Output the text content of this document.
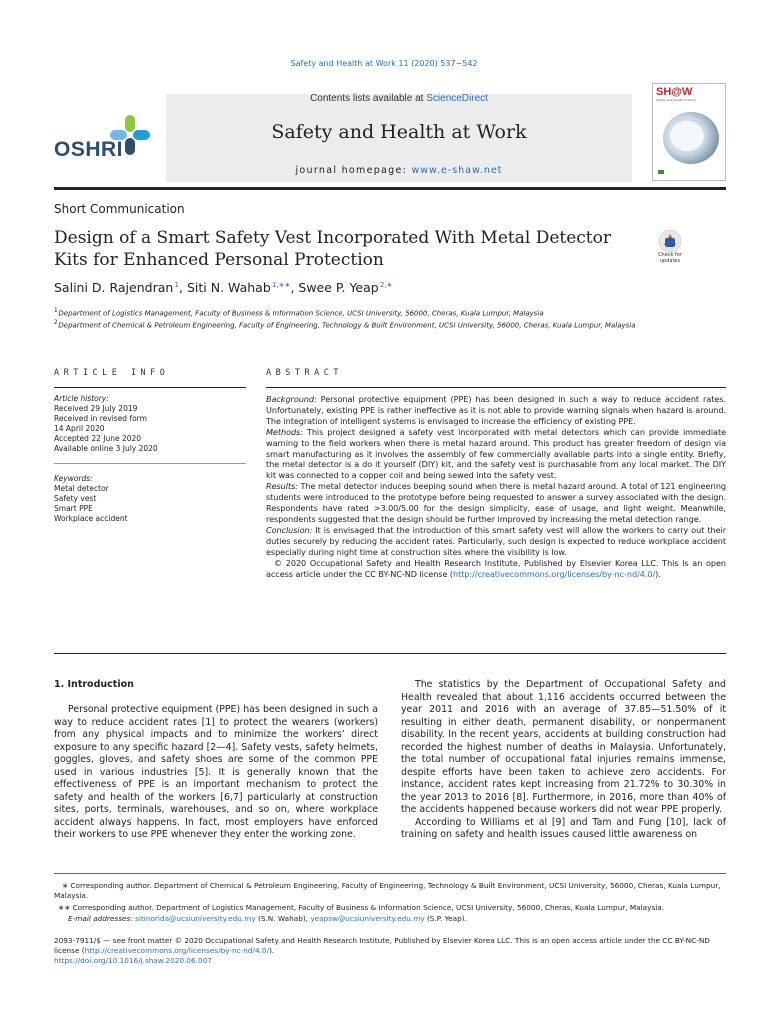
Safety and Health at Work 11 (2020) 537−542
OSHRI
Contents lists available at ScienceDirect
Safety and Health at Work
journal homepage: www.e-shaw.net
SH@W
Safety and Health at Work
Short Communication
Design of a Smart Safety Vest Incorporated With Metal Detector Kits for Enhanced Personal Protection	Check for updates
Salini D. Rajendran $^1$, Siti N. Wahab $^{1,∗∗}$, Swee P. Yeap $^{2,∗}$
$^1$ Department of Logistics Management, Faculty of Business & Information Science, UCSI University, 56000, Cheras, Kuala Lumpur, Malaysia
$^2$ Department of Chemical & Petroleum Engineering, Faculty of Engineering, Technology & Built Environment, UCSI University, 56000, Cheras, Kuala Lumpur, Malaysia
ARTICLE INFO	ABSTRACT
Article history:
Received 29 July 2019
Received in revised form
14 April 2020
Accepted 22 June 2020
Available online 3 July 2020
Keywords:
Metal detector
Safety vest
Smart PPE
Workplace accident
Background: Personal protective equipment (PPE) has been designed in such a way to reduce accident rates. Unfortunately, existing PPE is rather ineffective as it is not able to provide warning signals when hazard is around. The integration of intelligent systems is envisaged to increase the efficiency of existing PPE.
Methods: This project designed a safety vest incorporated with metal detectors which can provide immediate warning to the field workers when there is metal hazard around. This product has greater freedom of design via smart manufacturing as it involves the assembly of few commercially available parts into a single entity. Briefly, the metal detector is a do it yourself (DIY) kit, and the safety vest is purchasable from any local market. The DIY kit was connected to a copper coil and being sewed into the safety vest.
Results: The metal detector induces beeping sound when there is metal hazard around. A total of 121 engineering students were introduced to the prototype before being requested to answer a survey associated with the design. Respondents have rated >3.00/5.00 for the design simplicity, ease of usage, and light weight. Meanwhile, respondents suggested that the design should be further improved by increasing the metal detection range.
Conclusion: It is envisaged that the introduction of this smart safety vest will allow the workers to carry out their duties securely by reducing the accident rates. Particularly, such design is expected to reduce workplace accident especially during night time at construction sites where the visibility is low.
© 2020 Occupational Safety and Health Research Institute, Published by Elsevier Korea LLC. This is an open access article under the CC BY-NC-ND license (http://creativecommons.org/licenses/by-nc-nd/4.0/).
1. Introduction

Personal protective equipment (PPE) has been designed in such a way to reduce accident rates [1] to protect the wearers (workers) from any physical impacts and to minimize the workers’ direct exposure to any specific hazard [2—4]. Safety vests, safety helmets, goggles, gloves, and safety shoes are some of the common PPE used in various industries [5]. It is generally known that the effectiveness of PPE is an important mechanism to protect the safety and health of the workers [6,7] particularly at construction sites, ports, terminals, warehouses, and so on, where workplace accident always happens. In fact, most employers have enforced their workers to use PPE whenever they enter the working zone.

The statistics by the Department of Occupational Safety and Health revealed that about 1,116 accidents occurred between the year 2011 and 2016 with an average of 37.85—51.50% of it resulting in either death, permanent disability, or nonpermanent disability. In the recent years, accidents at building construction had recorded the highest number of deaths in Malaysia. Unfortunately, the total number of occupational fatal injuries remains immense, despite efforts have been taken to achieve zero accidents. For instance, accident rates kept increasing from 21.72% to 30.30% in the year 2013 to 2016 [8]. Furthermore, in 2016, more than 40% of the accidents happened because workers did not wear PPE properly.

According to Williams et al [9] and Tam and Fung [10], lack of training on safety and health issues caused little awareness on

∗ Corresponding author. Department of Chemical & Petroleum Engineering, Faculty of Engineering, Technology & Built Environment, UCSI University, 56000, Cheras, Kuala Lumpur, Malaysia.
∗∗ Corresponding author. Department of Logistics Management, Faculty of Business & Information Science, UCSI University, 56000, Cheras, Kuala Lumpur, Malaysia.
E-mail addresses: sitinorida@ucsiuniversity.edu.my (S.N. Wahab), yeapsw@ucsiuniversity.edu.my (S.P. Yeap).
2093-7911/$ — see front matter © 2020 Occupational Safety and Health Research Institute, Published by Elsevier Korea LLC. This is an open access article under the CC BY-NC-ND license (http://creativecommons.org/licenses/by-nc-nd/4.0/).
https://doi.org/10.1016/j.shaw.2020.06.007
